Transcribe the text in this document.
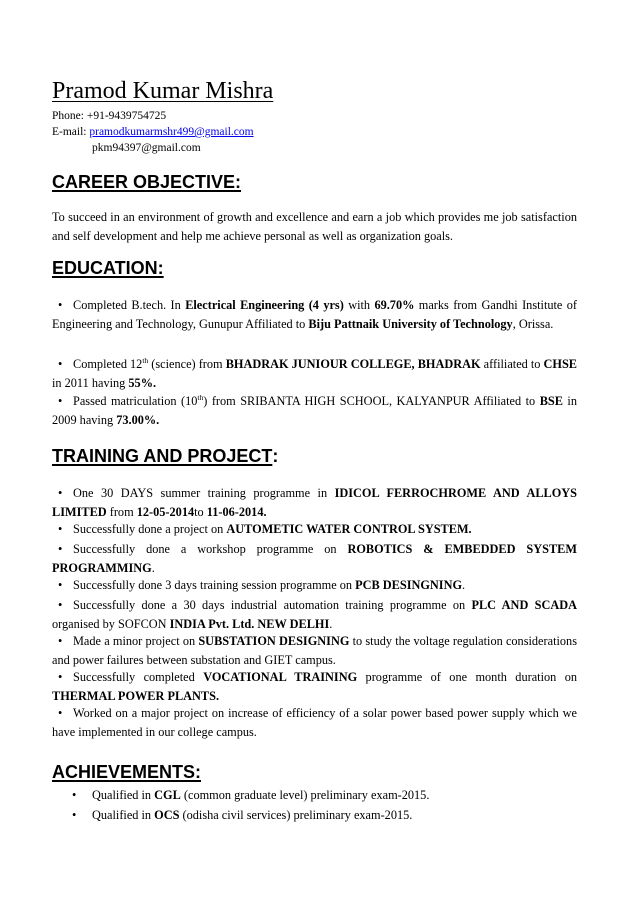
Pramod Kumar Mishra
Phone: +91-9439754725
E-mail: pramodkumarmshr499@gmail.com
pkm94397@gmail.com
CAREER OBJECTIVE:
To succeed in an environment of growth and excellence and earn a job which provides me job satisfaction and self development and help me achieve personal as well as organization goals.
EDUCATION:
• Completed B.tech. In Electrical Engineering (4 yrs) with 69.70% marks from Gandhi Institute of Engineering and Technology, Gunupur Affiliated to Biju Pattnaik University of Technology, Orissa.
• Completed 12th (science) from BHADRAK JUNIOUR COLLEGE, BHADRAK affiliated to CHSE in 2011 having 55%.
• Passed matriculation (10th) from SRIBANTA HIGH SCHOOL, KALYANPUR Affiliated to BSE in 2009 having 73.00%.
TRAINING AND PROJECT:
• One 30 DAYS summer training programme in IDICOL FERROCHROME AND ALLOYS LIMITED from 12-05-2014to 11-06-2014.
• Successfully done a project on AUTOMETIC WATER CONTROL SYSTEM.
• Successfully done a workshop programme on ROBOTICS & EMBEDDED SYSTEM PROGRAMMING.
• Successfully done 3 days training session programme on PCB DESINGNING.
• Successfully done a 30 days industrial automation training programme on PLC AND SCADA organised by SOFCON INDIA Pvt. Ltd. NEW DELHI.
• Made a minor project on SUBSTATION DESIGNING to study the voltage regulation considerations and power failures between substation and GIET campus.
• Successfully completed VOCATIONAL TRAINING programme of one month duration on THERMAL POWER PLANTS.
• Worked on a major project on increase of efficiency of a solar power based power supply which we have implemented in our college campus.
ACHIEVEMENTS:
• Qualified in CGL (common graduate level) preliminary exam-2015.
• Qualified in OCS (odisha civil services) preliminary exam-2015.
